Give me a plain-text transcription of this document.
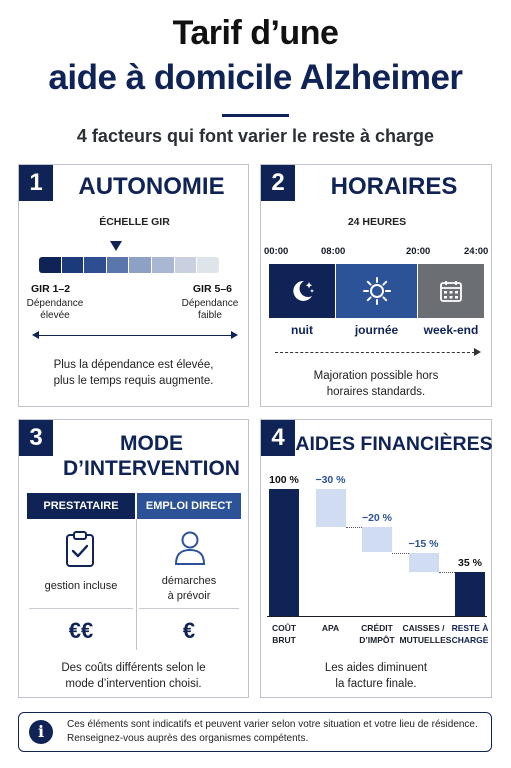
Tarif d’une
aide à domicile Alzheimer
4 facteurs qui font varier le reste à charge
1	AUTONOMIE
ÉCHELLE GIR
GIR 1–2
Dépendance
élevée
GIR 5–6
Dépendance
faible
Plus la dépendance est élevée,
plus le temps requis augmente.
2	HORAIRES
24 HEURES
00:00	08:00	20:00	24:00
nuit	journée	week-end
Majoration possible hors
horaires standards.
3	MODE
D’INTERVENTION
PRESTATAIRE	EMPLOI DIRECT
gestion incluse	démarches
à prévoir
€€	€
Des coûts différents selon le
mode d’intervention choisi.
4 AIDES FINANCIÈRES
100 %
COÛT BRUT
−30 %
APA
−20 %
CRÉDIT
D’IMPÔT
−15 %
CAISSES /
MUTUELLES
35 %
RESTE À
CHARGE
Les aides diminuent
la facture finale.
i	Ces éléments sont indicatifs et peuvent varier selon votre situation et votre lieu de résidence.
Renseignez-vous auprès des organismes compétents.
